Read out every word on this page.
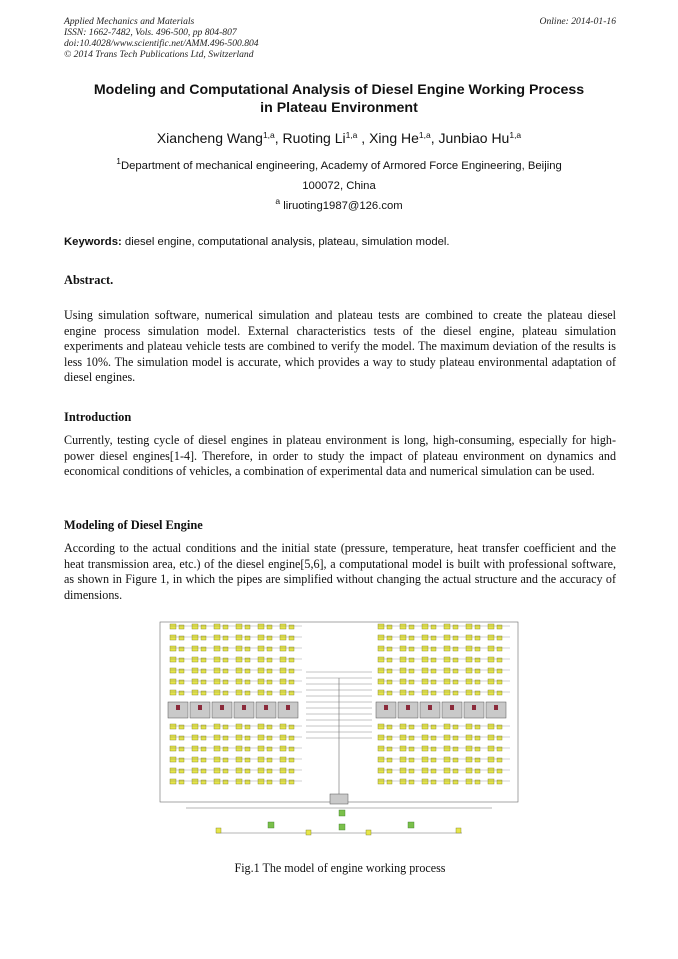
Applied Mechanics and Materials
ISSN: 1662-7482, Vols. 496-500, pp 804-807
doi:10.4028/www.scientific.net/AMM.496-500.804
© 2014 Trans Tech Publications Ltd, Switzerland
Online: 2014-01-16
Modeling and Computational Analysis of Diesel Engine Working Process
in Plateau Environment
Xiancheng Wang$^{1,a}$, Ruoting Li$^{1,a}$ , Xing He$^{1,a}$, Junbiao Hu$^{1,a}$
$^1$Department of mechanical engineering, Academy of Armored Force Engineering, Beijing
100072, China
$^a$ liruoting1987@126.com
Keywords: diesel engine, computational analysis, plateau, simulation model.
Abstract.

Using simulation software, numerical simulation and plateau tests are combined to create the plateau diesel engine process simulation model. External characteristics tests of the diesel engine, plateau simulation experiments and plateau vehicle tests are combined to verify the model. The maximum deviation of the results is less 10%. The simulation model is accurate, which provides a way to study plateau environmental adaptation of diesel engines.

Introduction

Currently, testing cycle of diesel engines in plateau environment is long, high-consuming, especially for high-power diesel engines[1-4]. Therefore, in order to study the impact of plateau environment on dynamics and economical conditions of vehicles, a combination of experimental data and numerical simulation can be used.

Modeling of Diesel Engine

According to the actual conditions and the initial state (pressure, temperature, heat transfer coefficient and the heat transmission area, etc.) of the diesel engine[5,6], a computational model is built with professional software, as shown in Figure 1, in which the pipes are simplified without changing the actual structure and the accuracy of dimensions.

Fig.1 The model of engine working process
